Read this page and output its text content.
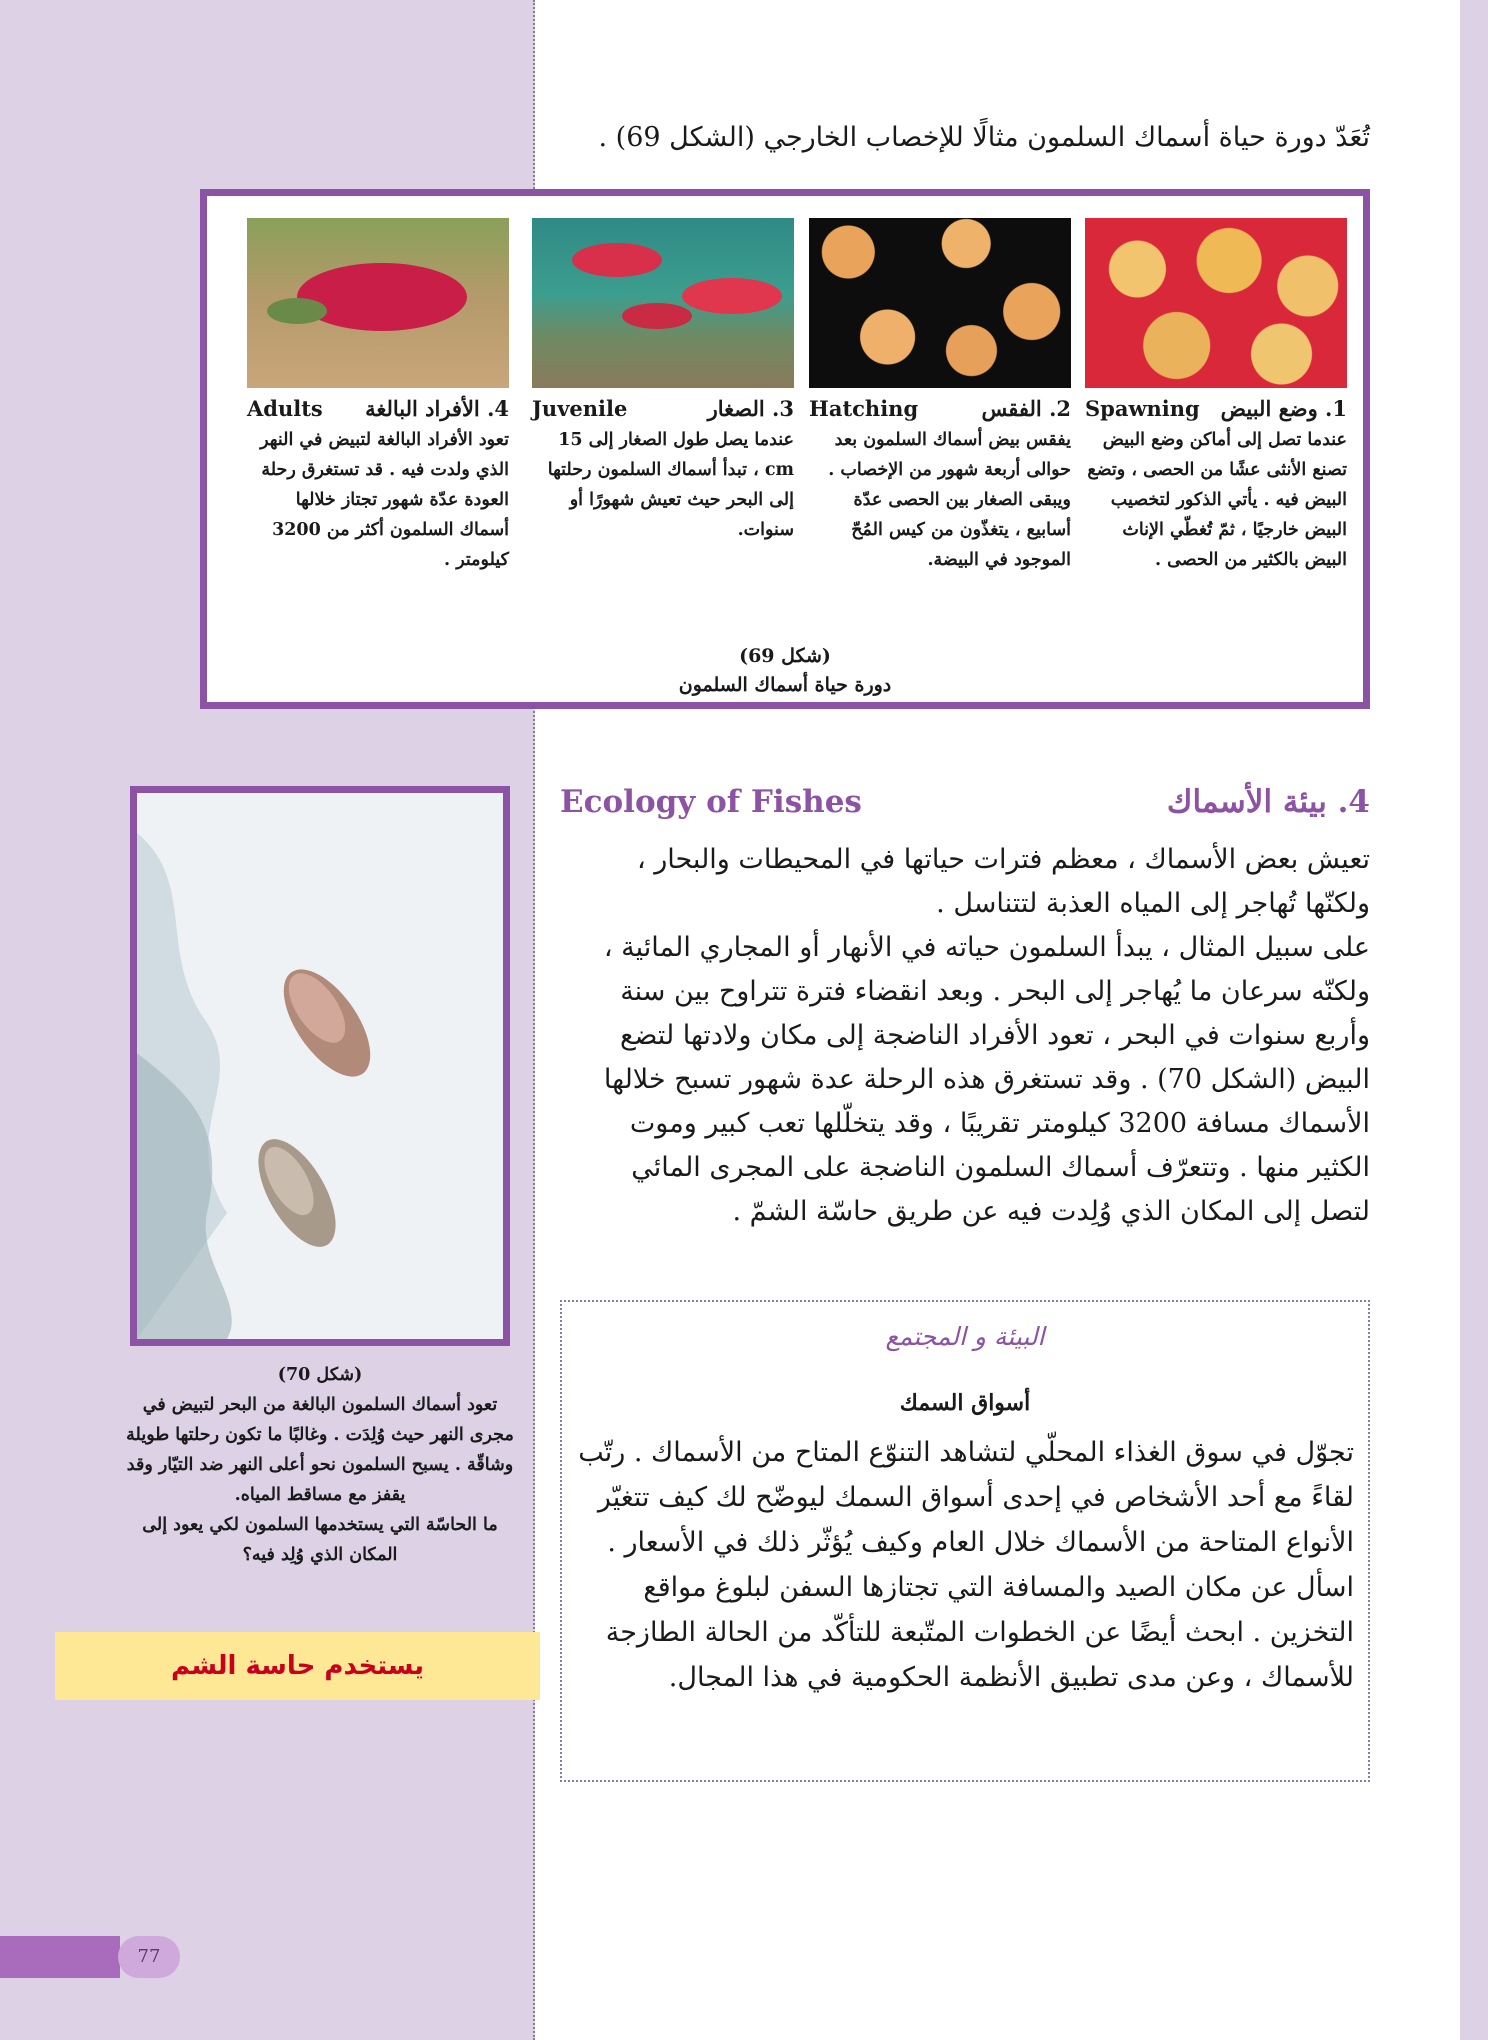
تُعَدّ دورة حياة أسماك السلمون مثالًا للإخصاب الخارجي (الشكل 69) .

Spawning 1. وضع البيض

عندما تصل إلى أماكن وضع البيض تصنع الأنثى عشًا من الحصى ، وتضع البيض فيه . يأتي الذكور لتخصيب البيض خارجيًا ، ثمّ تُغطّي الإناث البيض بالكثير من الحصى .

Hatching	2. الفقس

يفقس بيض أسماك السلمون بعد حوالى أربعة شهور من الإخصاب . ويبقى الصغار بين الحصى عدّة أسابيع ، يتغذّون من كيس المُحّ الموجود في البيضة.

Juvenile	3. الصغار

عندما يصل طول الصغار إلى 15 cm ، تبدأ أسماك السلمون رحلتها إلى البحر حيث تعيش شهورًا أو سنوات.

Adults 4. الأفراد البالغة

تعود الأفراد البالغة لتبيض في النهر الذي ولدت فيه . قد تستغرق رحلة العودة عدّة شهور تجتاز خلالها أسماك السلمون أكثر من 3200 كيلومتر .

(شكل 69)
دورة حياة أسماك السلمون
Ecology of Fishes	4. بيئة الأسماك

تعيش بعض الأسماك ، معظم فترات حياتها في المحيطات والبحار ، ولكنّها تُهاجر إلى المياه العذبة لتتناسل .

على سبيل المثال ، يبدأ السلمون حياته في الأنهار أو المجاري المائية ، ولكنّه سرعان ما يُهاجر إلى البحر . وبعد انقضاء فترة تتراوح بين سنة وأربع سنوات في البحر ، تعود الأفراد الناضجة إلى مكان ولادتها لتضع البيض (الشكل 70) . وقد تستغرق هذه الرحلة عدة شهور تسبح خلالها الأسماك مسافة 3200 كيلومتر تقريبًا ، وقد يتخلّلها تعب كبير وموت الكثير منها . وتتعرّف أسماك السلمون الناضجة على المجرى المائي لتصل إلى المكان الذي وُلِدت فيه عن طريق حاسّة الشمّ .

البيئة و المجتمع
أسواق السمك

تجوّل في سوق الغذاء المحلّي لتشاهد التنوّع المتاح من الأسماك . رتّب لقاءً مع أحد الأشخاص في إحدى أسواق السمك ليوضّح لك كيف تتغيّر الأنواع المتاحة من الأسماك خلال العام وكيف يُؤثّر ذلك في الأسعار .

اسأل عن مكان الصيد والمسافة التي تجتازها السفن لبلوغ مواقع التخزين . ابحث أيضًا عن الخطوات المتّبعة للتأكّد من الحالة الطازجة للأسماك ، وعن مدى تطبيق الأنظمة الحكومية في هذا المجال.

(شكل 70)

تعود أسماك السلمون البالغة من البحر لتبيض في مجرى النهر حيث وُلِدَت . وغالبًا ما تكون رحلتها طويلة وشاقّة . يسبح السلمون نحو أعلى النهر ضد التيّار وقد يقفز مع مساقط المياه.

ما الحاسّة التي يستخدمها السلمون لكي يعود إلى المكان الذي وُلِد فيه؟

يستخدم حاسة الشم
77
